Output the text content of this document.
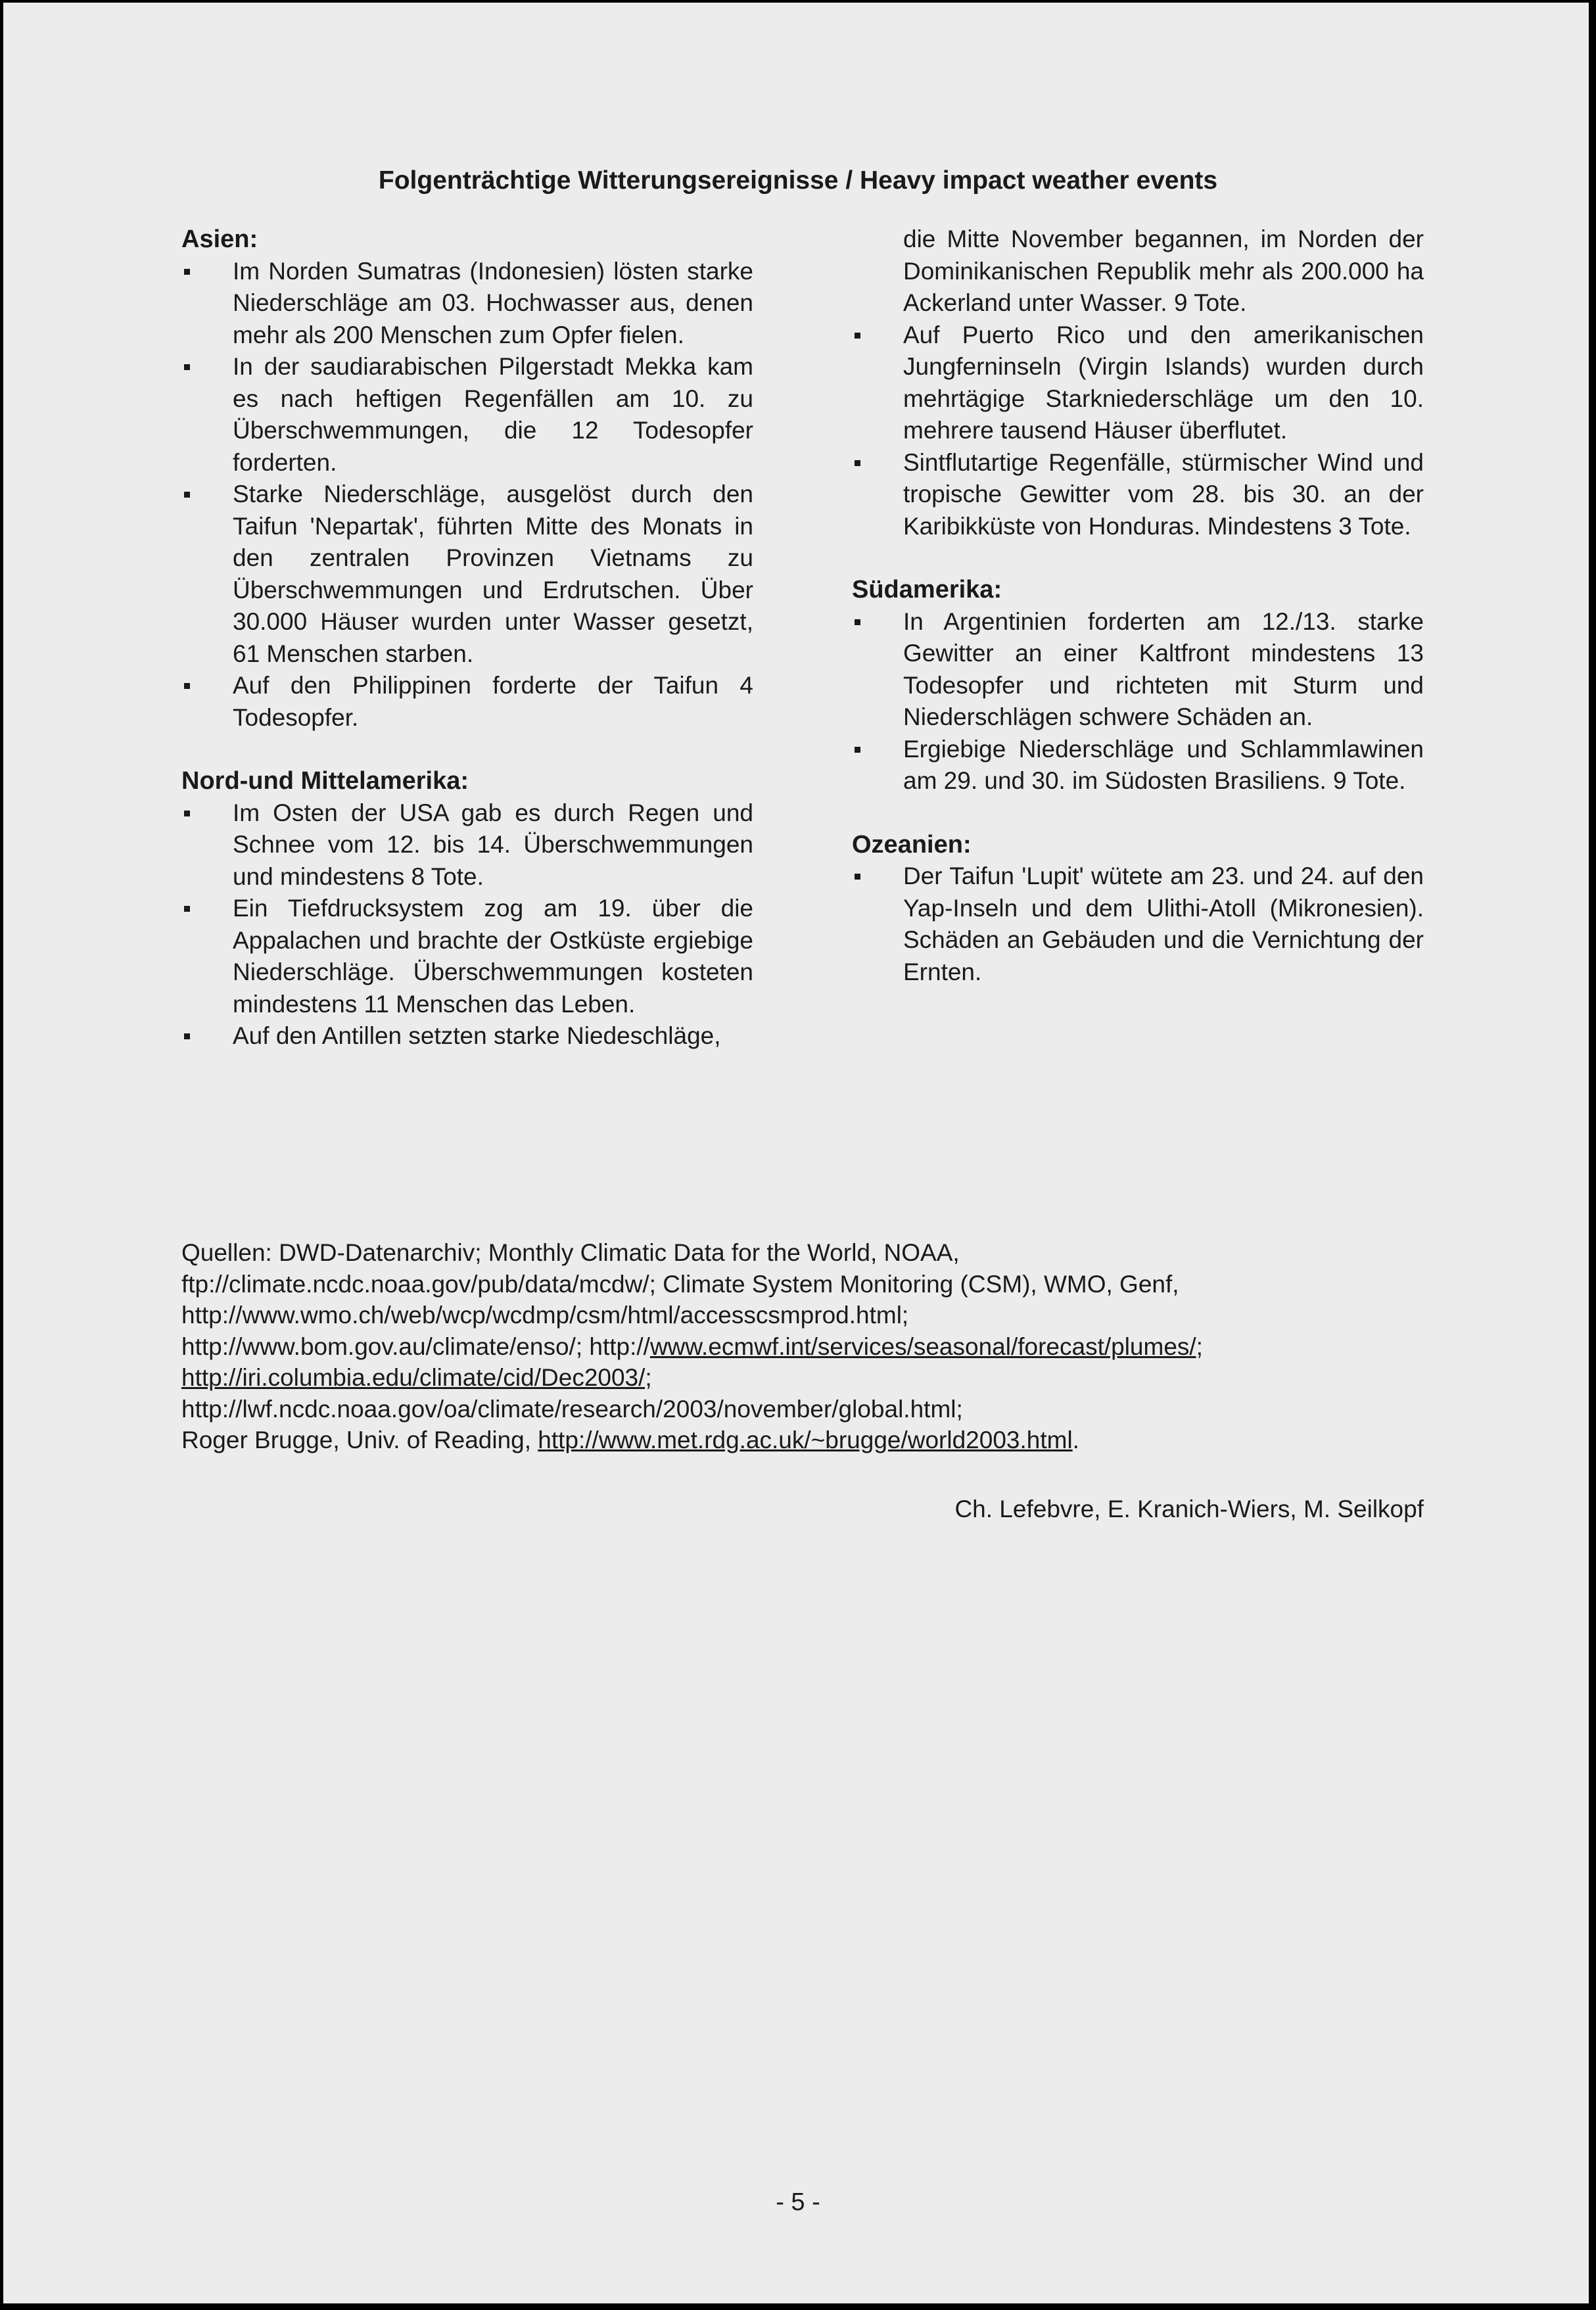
Folgenträchtige Witterungsereignisse / Heavy impact weather events
Asien:
Im Norden Sumatras (Indonesien) lösten starke Niederschläge am 03. Hochwasser aus, denen mehr als 200 Menschen zum Opfer fielen.
In der saudiarabischen Pilgerstadt Mekka kam es nach heftigen Regenfällen am 10. zu Überschwemmungen, die 12 Todesopfer forderten.
Starke Niederschläge, ausgelöst durch den Taifun 'Nepartak', führten Mitte des Monats in den zentralen Provinzen Vietnams zu Überschwemmungen und Erdrutschen. Über 30.000 Häuser wurden unter Wasser gesetzt, 61 Menschen starben.
Auf den Philippinen forderte der Taifun 4 Todesopfer.
Nord-und Mittelamerika:
Im Osten der USA gab es durch Regen und Schnee vom 12. bis 14. Überschwemmungen und mindestens 8 Tote.
Ein Tiefdrucksystem zog am 19. über die Appalachen und brachte der Ostküste ergiebige Niederschläge. Überschwemmungen kosteten mindestens 11 Menschen das Leben.
Auf den Antillen setzten starke Niedeschläge,
die Mitte November begannen, im Norden der Dominikanischen Republik mehr als 200.000 ha Ackerland unter Wasser. 9 Tote.
Auf Puerto Rico und den amerikanischen Jungferninseln (Virgin Islands) wurden durch mehrtägige Starkniederschläge um den 10. mehrere tausend Häuser überflutet.
Sintflutartige Regenfälle, stürmischer Wind und tropische Gewitter vom 28. bis 30. an der Karibikküste von Honduras. Mindestens 3 Tote.
Südamerika:
In Argentinien forderten am 12./13. starke Gewitter an einer Kaltfront mindestens 13 Todesopfer und richteten mit Sturm und Niederschlägen schwere Schäden an.
Ergiebige Niederschläge und Schlammlawinen am 29. und 30. im Südosten Brasiliens. 9 Tote.
Ozeanien:
Der Taifun 'Lupit' wütete am 23. und 24. auf den Yap-Inseln und dem Ulithi-Atoll (Mikronesien). Schäden an Gebäuden und die Vernichtung der Ernten.
Quellen: DWD-Datenarchiv; Monthly Climatic Data for the World, NOAA,
ftp://climate.ncdc.noaa.gov/pub/data/mcdw/; Climate System Monitoring (CSM), WMO, Genf,
http://www.wmo.ch/web/wcp/wcdmp/csm/html/accesscsmprod.html;
http://www.bom.gov.au/climate/enso/; http://www.ecmwf.int/services/seasonal/forecast/plumes/;
http://iri.columbia.edu/climate/cid/Dec2003/;
http://lwf.ncdc.noaa.gov/oa/climate/research/2003/november/global.html;
Roger Brugge, Univ. of Reading, http://www.met.rdg.ac.uk/~brugge/world2003.html.
Ch. Lefebvre, E. Kranich-Wiers, M. Seilkopf
- 5 -
